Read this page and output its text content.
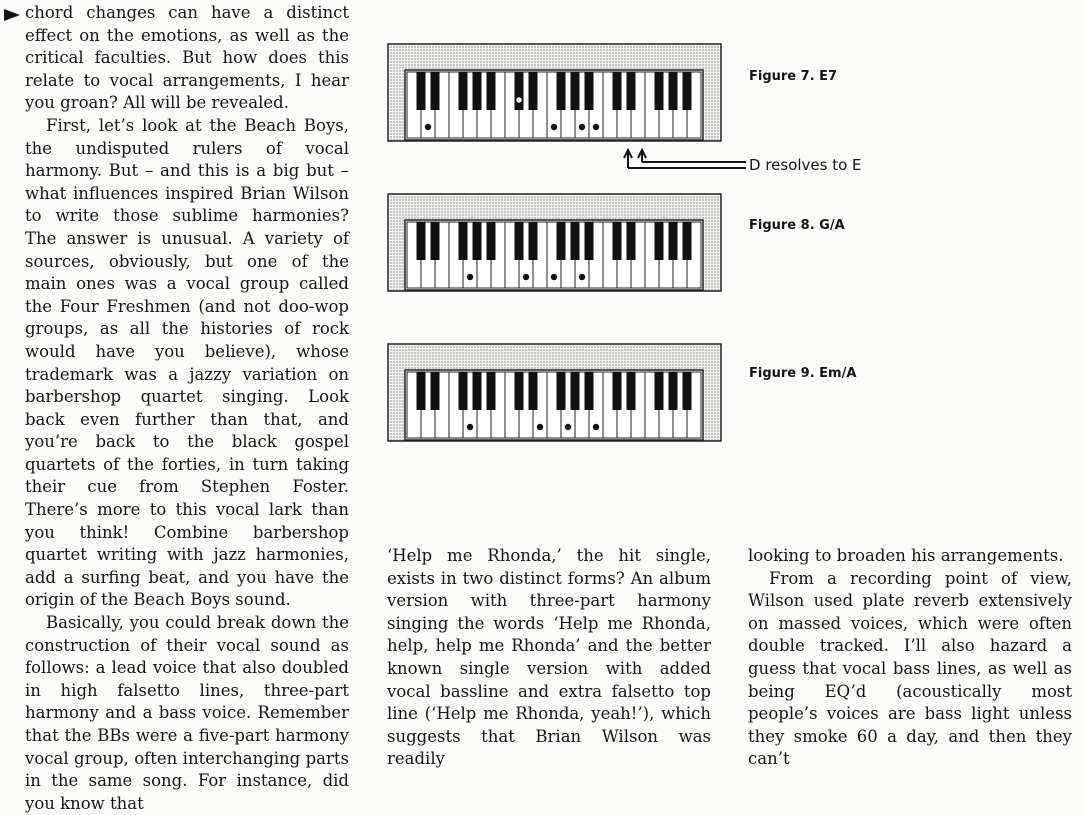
chord changes can have a distinct effect on the emotions, as well as the critical faculties. But how does this relate to vocal arrangements, I hear you groan? All will be revealed.

First, let’s look at the Beach Boys, the undisputed rulers of vocal harmony. But – and this is a big but – what influences inspired Brian Wilson to write those sublime harmonies? The answer is unusual. A variety of sources, obviously, but one of the main ones was a vocal group called the Four Freshmen (and not doo-wop groups, as all the histories of rock would have you believe), whose trademark was a jazzy variation on barbershop quartet singing. Look back even further than that, and you’re back to the black gospel quartets of the forties, in turn taking their cue from Stephen Foster. There’s more to this vocal lark than you think! Combine barbershop quartet writing with jazz harmonies, add a surfing beat, and you have the origin of the Beach Boys sound.

Basically, you could break down the construction of their vocal sound as follows: a lead voice that also doubled in high falsetto lines, three-part harmony and a bass voice. Remember that the BBs were a five-part harmony vocal group, often interchanging parts in the same song. For instance, did you know that

Figure 7. E7
Figure 8. G/A
Figure 9. Em/A
D resolves to E

‘Help me Rhonda,’ the hit single, exists in two distinct forms? An album version with three-part harmony singing the words ‘Help me Rhonda, help, help me Rhonda’ and the better known single version with added vocal bassline and extra falsetto top line (‘Help me Rhonda, yeah!’), which suggests that Brian Wilson was readily

looking to broaden his arrangements.

From a recording point of view, Wilson used plate reverb extensively on massed voices, which were often double tracked. I’ll also hazard a guess that vocal bass lines, as well as being EQ’d (acoustically most people’s voices are bass light unless they smoke 60 a day, and then they can’t
